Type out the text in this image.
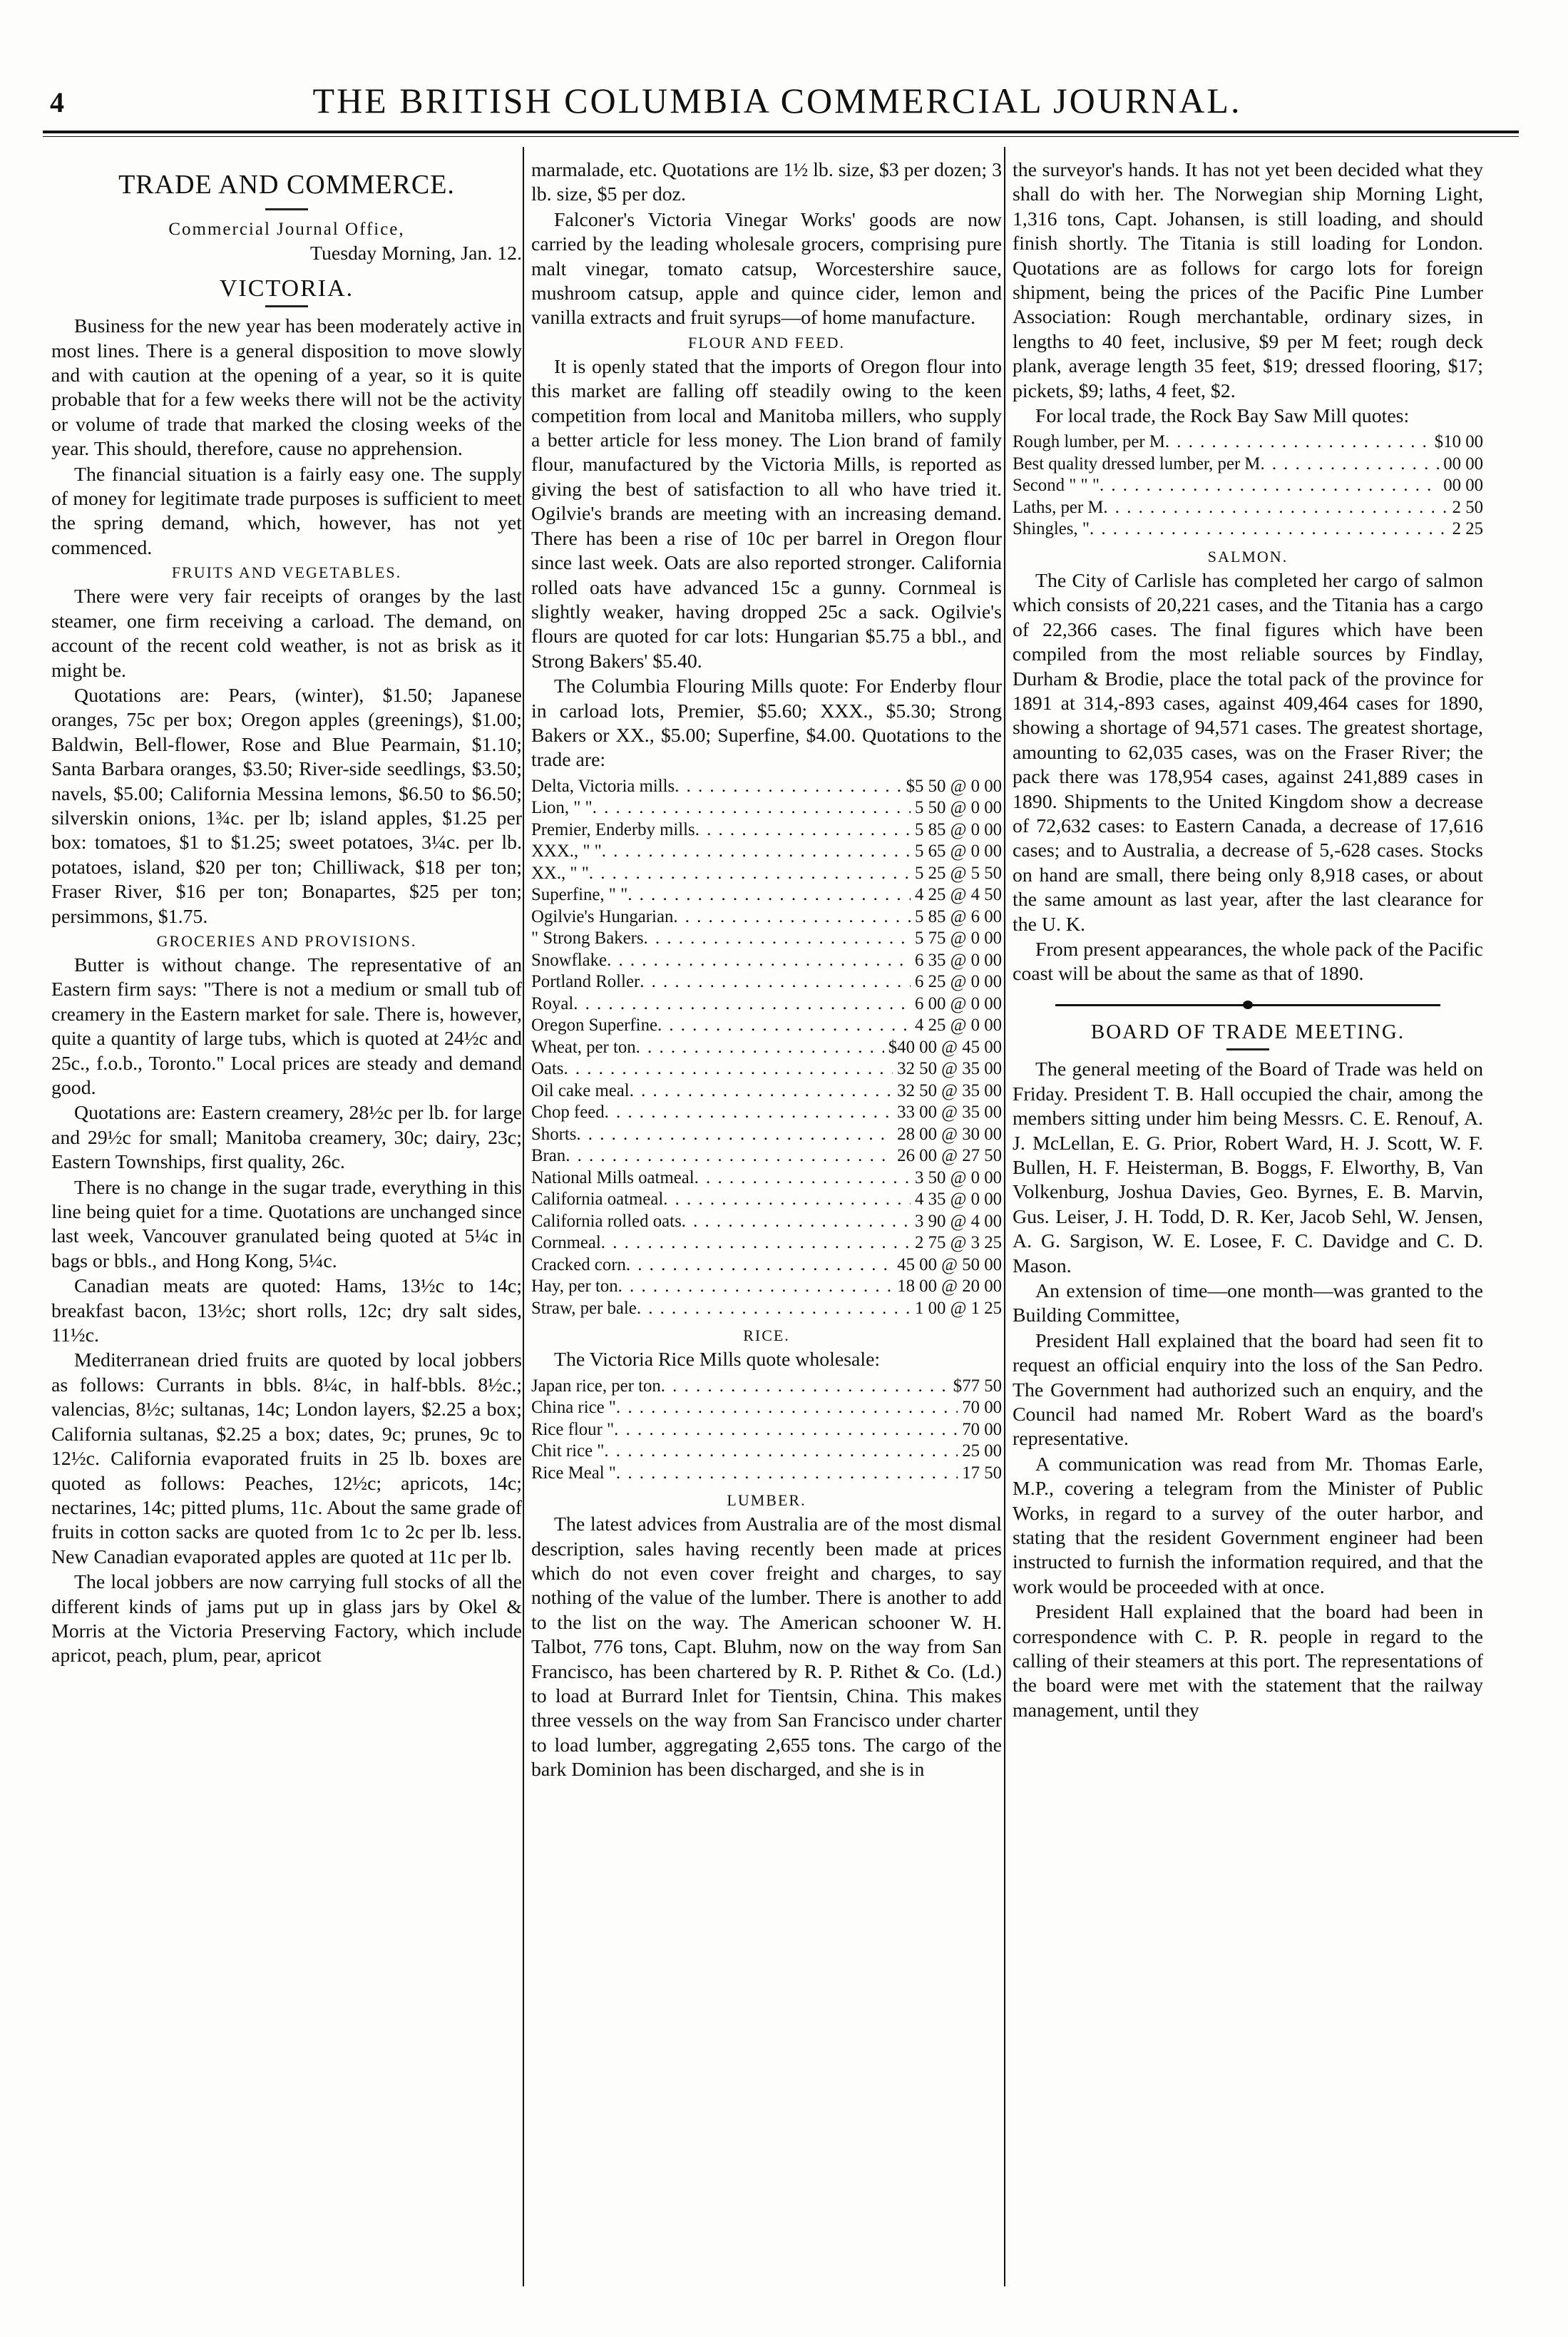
4	THE BRITISH COLUMBIA COMMERCIAL JOURNAL.
TRADE AND COMMERCE.
Commercial Journal Office,
Tuesday Morning, Jan. 12.
VICTORIA.

Business for the new year has been moderately active in most lines. There is a general disposition to move slowly and with caution at the opening of a year, so it is quite probable that for a few weeks there will not be the activity or volume of trade that marked the closing weeks of the year. This should, therefore, cause no apprehension.

The financial situation is a fairly easy one. The supply of money for legitimate trade purposes is sufficient to meet the spring demand, which, however, has not yet commenced.

FRUITS AND VEGETABLES.

There were very fair receipts of oranges by the last steamer, one firm receiving a carload. The demand, on account of the recent cold weather, is not as brisk as it might be.

Quotations are: Pears, (winter), $1.50; Japanese oranges, 75c per box; Oregon apples (greenings), $1.00; Baldwin, Bell-flower, Rose and Blue Pearmain, $1.10; Santa Barbara oranges, $3.50; River-side seedlings, $3.50; navels, $5.00; California Messina lemons, $6.50 to $6.50; silverskin onions, 1¾c. per lb; island apples, $1.25 per box: tomatoes, $1 to $1.25; sweet potatoes, 3¼c. per lb. potatoes, island, $20 per ton; Chilliwack, $18 per ton; Fraser River, $16 per ton; Bonapartes, $25 per ton; persimmons, $1.75.

GROCERIES AND PROVISIONS.

Butter is without change. The representative of an Eastern firm says: "There is not a medium or small tub of creamery in the Eastern market for sale. There is, however, quite a quantity of large tubs, which is quoted at 24½c and 25c., f.o.b., Toronto." Local prices are steady and demand good.

Quotations are: Eastern creamery, 28½c per lb. for large and 29½c for small; Manitoba creamery, 30c; dairy, 23c; Eastern Townships, first quality, 26c.

There is no change in the sugar trade, everything in this line being quiet for a time. Quotations are unchanged since last week, Vancouver granulated being quoted at 5¼c in bags or bbls., and Hong Kong, 5¼c.

Canadian meats are quoted: Hams, 13½c to 14c; breakfast bacon, 13½c; short rolls, 12c; dry salt sides, 11½c.

Mediterranean dried fruits are quoted by local jobbers as follows: Currants in bbls. 8¼c, in half-bbls. 8½c.; valencias, 8½c; sultanas, 14c; London layers, $2.25 a box; California sultanas, $2.25 a box; dates, 9c; prunes, 9c to 12½c. California evaporated fruits in 25 lb. boxes are quoted as follows: Peaches, 12½c; apricots, 14c; nectarines, 14c; pitted plums, 11c. About the same grade of fruits in cotton sacks are quoted from 1c to 2c per lb. less. New Canadian evaporated apples are quoted at 11c per lb.

The local jobbers are now carrying full stocks of all the different kinds of jams put up in glass jars by Okel & Morris at the Victoria Preserving Factory, which include apricot, peach, plum, pear, apricot

marmalade, etc. Quotations are 1½ lb. size, $3 per dozen; 3 lb. size, $5 per doz.

Falconer's Victoria Vinegar Works' goods are now carried by the leading wholesale grocers, comprising pure malt vinegar, tomato catsup, Worcestershire sauce, mushroom catsup, apple and quince cider, lemon and vanilla extracts and fruit syrups—of home manufacture.

FLOUR AND FEED.

It is openly stated that the imports of Oregon flour into this market are falling off steadily owing to the keen competition from local and Manitoba millers, who supply a better article for less money. The Lion brand of family flour, manufactured by the Victoria Mills, is reported as giving the best of satisfaction to all who have tried it. Ogilvie's brands are meeting with an increasing demand. There has been a rise of 10c per barrel in Oregon flour since last week. Oats are also reported stronger. California rolled oats have advanced 15c a gunny. Cornmeal is slightly weaker, having dropped 25c a sack. Ogilvie's flours are quoted for car lots: Hungarian $5.75 a bbl., and Strong Bakers' $5.40.

The Columbia Flouring Mills quote: For Enderby flour in carload lots, Premier, $5.60; XXX., $5.30; Strong Bakers or XX., $5.00; Superfine, $4.00. Quotations to the trade are:

Delta, Victoria mills . . .	$5 50 @ 0 00
Lion, " " . . .	5 50 @ 0 00
Premier, Enderby mills . . .	5 85 @ 0 00
XXX., " " . . .	5 65 @ 0 00
XX., " " . . .	5 25 @ 5 50
Superfine, " " . . .	4 25 @ 4 50
Ogilvie's Hungarian . . .	5 85 @ 6 00
" Strong Bakers . . .	5 75 @ 0 00
Snowflake . . .	6 35 @ 0 00
Portland Roller . . .	6 25 @ 0 00
Royal . . .	6 00 @ 0 00
Oregon Superfine . . .	4 25 @ 0 00
Wheat, per ton . . .	$40 00 @ 45 00
Oats . . .	32 50 @ 35 00
Oil cake meal . . .	32 50 @ 35 00
Chop feed . . .	33 00 @ 35 00
Shorts . . .	28 00 @ 30 00
Bran . . .	26 00 @ 27 50
National Mills oatmeal . . .	3 50 @ 0 00
California oatmeal . . .	4 35 @ 0 00
California rolled oats . . .	3 90 @ 4 00
Cornmeal . . .	2 75 @ 3 25
Cracked corn . . .	45 00 @ 50 00
Hay, per ton . . .	18 00 @ 20 00
Straw, per bale . . .	1 00 @ 1 25
RICE.

The Victoria Rice Mills quote wholesale:

Japan rice, per ton . . .	$77 50
China rice " . . .	70 00
Rice flour " . . .	70 00
Chit rice " . . .	25 00
Rice Meal " . . .	17 50
LUMBER.

The latest advices from Australia are of the most dismal description, sales having recently been made at prices which do not even cover freight and charges, to say nothing of the value of the lumber. There is another to add to the list on the way. The American schooner W. H. Talbot, 776 tons, Capt. Bluhm, now on the way from San Francisco, has been chartered by R. P. Rithet & Co. (Ld.) to load at Burrard Inlet for Tientsin, China. This makes three vessels on the way from San Francisco under charter to load lumber, aggregating 2,655 tons. The cargo of the bark Dominion has been discharged, and she is in

the surveyor's hands. It has not yet been decided what they shall do with her. The Norwegian ship Morning Light, 1,316 tons, Capt. Johansen, is still loading, and should finish shortly. The Titania is still loading for London. Quotations are as follows for cargo lots for foreign shipment, being the prices of the Pacific Pine Lumber Association: Rough merchantable, ordinary sizes, in lengths to 40 feet, inclusive, $9 per M feet; rough deck plank, average length 35 feet, $19; dressed flooring, $17; pickets, $9; laths, 4 feet, $2.

For local trade, the Rock Bay Saw Mill quotes:

Rough lumber, per M . . .	$10 00
Best quality dressed lumber, per M . . .	00 00
Second " " " . . .	00 00
Laths, per M . . .	2 50
Shingles, " . . .	2 25
SALMON.

The City of Carlisle has completed her cargo of salmon which consists of 20,221 cases, and the Titania has a cargo of 22,366 cases. The final figures which have been compiled from the most reliable sources by Findlay, Durham & Brodie, place the total pack of the province for 1891 at 314,-893 cases, against 409,464 cases for 1890, showing a shortage of 94,571 cases. The greatest shortage, amounting to 62,035 cases, was on the Fraser River; the pack there was 178,954 cases, against 241,889 cases in 1890. Shipments to the United Kingdom show a decrease of 72,632 cases: to Eastern Canada, a decrease of 17,616 cases; and to Australia, a decrease of 5,-628 cases. Stocks on hand are small, there being only 8,918 cases, or about the same amount as last year, after the last clearance for the U. K.

From present appearances, the whole pack of the Pacific coast will be about the same as that of 1890.

BOARD OF TRADE MEETING.

The general meeting of the Board of Trade was held on Friday. President T. B. Hall occupied the chair, among the members sitting under him being Messrs. C. E. Renouf, A. J. McLellan, E. G. Prior, Robert Ward, H. J. Scott, W. F. Bullen, H. F. Heisterman, B. Boggs, F. Elworthy, B, Van Volkenburg, Joshua Davies, Geo. Byrnes, E. B. Marvin, Gus. Leiser, J. H. Todd, D. R. Ker, Jacob Sehl, W. Jensen, A. G. Sargison, W. E. Losee, F. C. Davidge and C. D. Mason.

An extension of time—one month—was granted to the Building Committee,

President Hall explained that the board had seen fit to request an official enquiry into the loss of the San Pedro. The Government had authorized such an enquiry, and the Council had named Mr. Robert Ward as the board's representative.

A communication was read from Mr. Thomas Earle, M.P., covering a telegram from the Minister of Public Works, in regard to a survey of the outer harbor, and stating that the resident Government engineer had been instructed to furnish the information required, and that the work would be proceeded with at once.

President Hall explained that the board had been in correspondence with C. P. R. people in regard to the calling of their steamers at this port. The representations of the board were met with the statement that the railway management, until they
